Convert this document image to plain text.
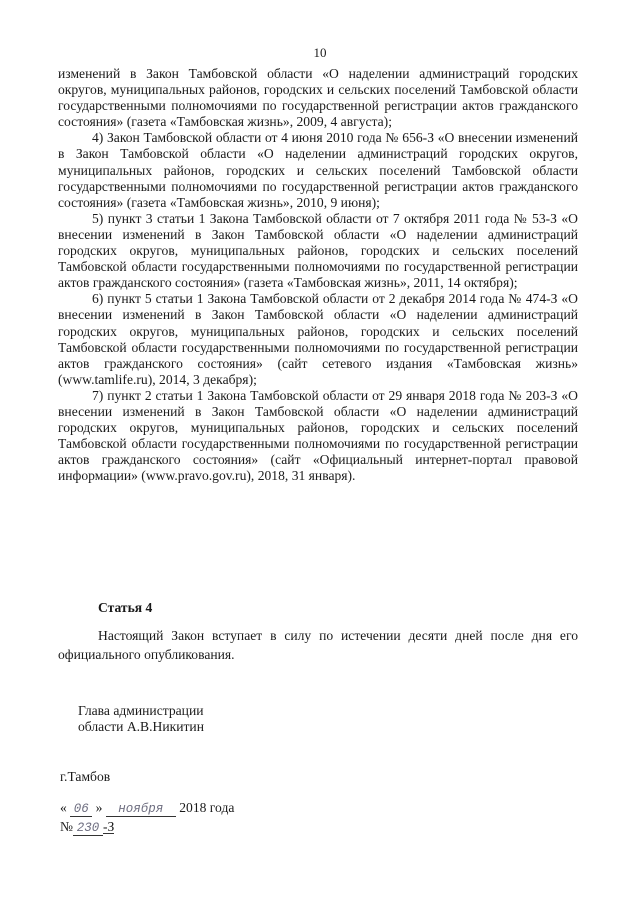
10

изменений в Закон Тамбовской области «О наделении администраций городских округов, муниципальных районов, городских и сельских поселений Тамбовской области государственными полномочиями по государственной регистрации актов гражданского состояния» (газета «Тамбовская жизнь», 2009, 4 августа);

4) Закон Тамбовской области от 4 июня 2010 года № 656-З «О внесении изменений в Закон Тамбовской области «О наделении администраций городских округов, муниципальных районов, городских и сельских поселений Тамбовской области государственными полномочиями по государственной регистрации актов гражданского состояния» (газета «Тамбовская жизнь», 2010, 9 июня);

5) пункт 3 статьи 1 Закона Тамбовской области от 7 октября 2011 года № 53-З «О внесении изменений в Закон Тамбовской области «О наделении администраций городских округов, муниципальных районов, городских и сельских поселений Тамбовской области государственными полномочиями по государственной регистрации актов гражданского состояния» (газета «Тамбовская жизнь», 2011, 14 октября);

6) пункт 5 статьи 1 Закона Тамбовской области от 2 декабря 2014 года № 474-З «О внесении изменений в Закон Тамбовской области «О наделении администраций городских округов, муниципальных районов, городских и сельских поселений Тамбовской области государственными полномочиями по государственной регистрации актов гражданского состояния» (сайт сетевого издания «Тамбовская жизнь» (www.tamlife.ru), 2014, 3 декабря);

7) пункт 2 статьи 1 Закона Тамбовской области от 29 января 2018 года № 203-З «О внесении изменений в Закон Тамбовской области «О наделении администраций городских округов, муниципальных районов, городских и сельских поселений Тамбовской области государственными полномочиями по государственной регистрации актов гражданского состояния» (сайт «Официальный интернет-портал правовой информации» (www.pravo.gov.ru), 2018, 31 января).

Статья 4
Настоящий Закон вступает в силу по истечении десяти дней после дня его официального опубликования.
Глава администрации
области А.В.Никитин
г.Тамбов
« 06 » ноября 2018 года
№ 230 -З
